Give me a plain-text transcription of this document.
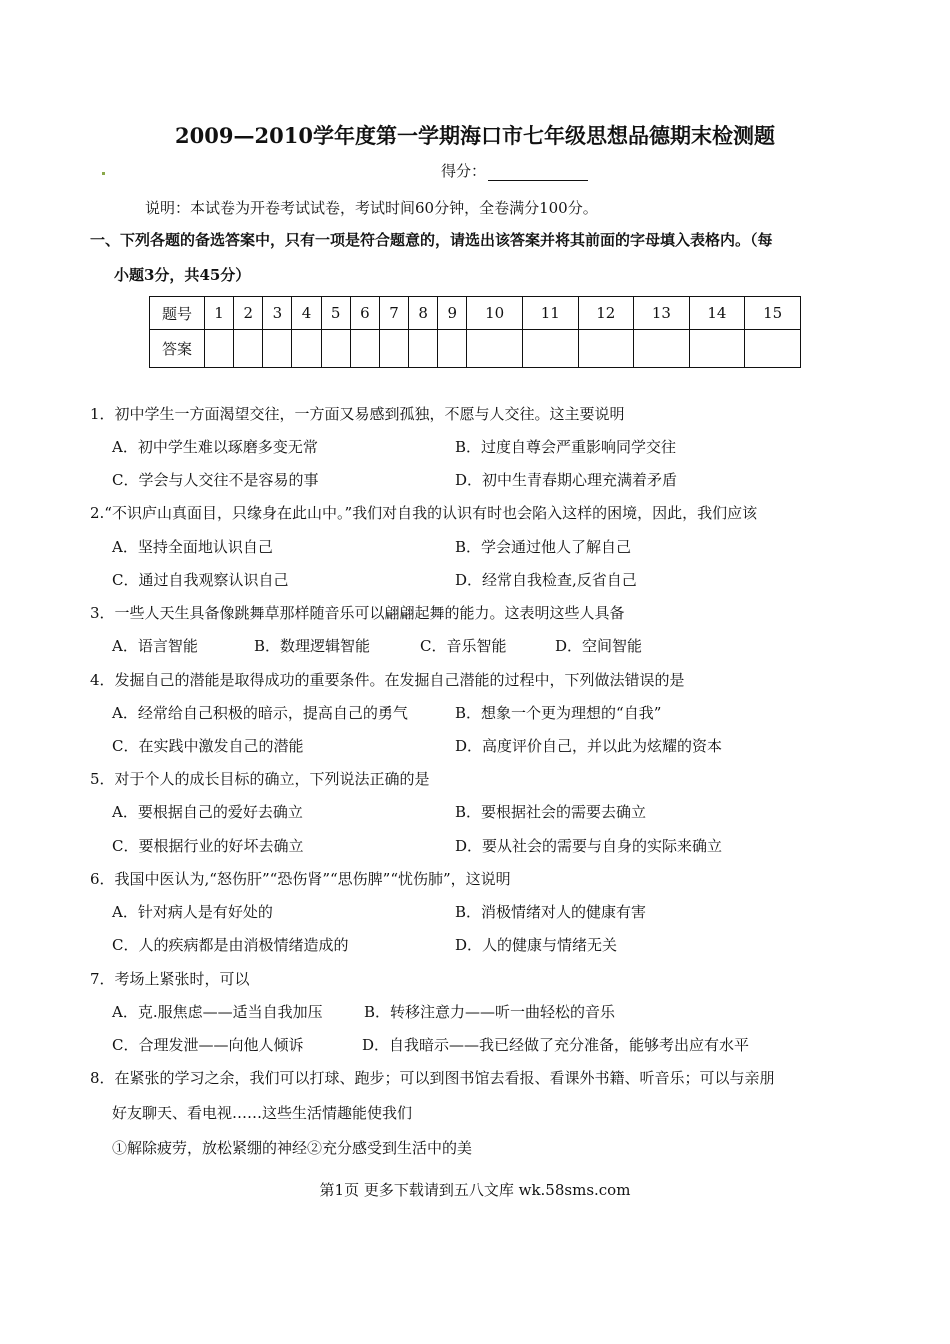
2009—2010学年度第一学期海口市七年级思想品德期末检测题
得分：
说明：本试卷为开卷考试试卷，考试时间60分钟，全卷满分100分。
一、下列各题的备选答案中，只有一项是符合题意的，请选出该答案并将其前面的字母填入表格内。（每
小题3分，共45分）
题号	1	2	3	4	5	6	7	8	9	10	11	12	13	14	15
答案															
1．初中学生一方面渴望交往，一方面又易感到孤独，不愿与人交往。这主要说明
A．初中学生难以琢磨多变无常	B．过度自尊会严重影响同学交往
C．学会与人交往不是容易的事	D．初中生青春期心理充满着矛盾
2.“不识庐山真面目，只缘身在此山中。”我们对自我的认识有时也会陷入这样的困境，因此，我们应该
A．坚持全面地认识自己	B．学会通过他人了解自己
C．通过自我观察认识自己	D．经常自我检查,反省自己
3．一些人天生具备像跳舞草那样随音乐可以翩翩起舞的能力。这表明这些人具备
A．语言智能	B．数理逻辑智能	C．音乐智能	D．空间智能
4．发掘自己的潜能是取得成功的重要条件。在发掘自己潜能的过程中，下列做法错误的是
A．经常给自己积极的暗示，提高自己的勇气	B．想象一个更为理想的“自我”
C．在实践中激发自己的潜能	D．高度评价自己，并以此为炫耀的资本
5．对于个人的成长目标的确立，下列说法正确的是
A．要根据自己的爱好去确立	B．要根据社会的需要去确立
C．要根据行业的好坏去确立	D．要从社会的需要与自身的实际来确立
6．我国中医认为,“怒伤肝”“恐伤肾”“思伤脾”“忧伤肺”，这说明
A．针对病人是有好处的	B．消极情绪对人的健康有害
C．人的疾病都是由消极情绪造成的	D．人的健康与情绪无关
7．考场上紧张时，可以
A．克.服焦虑——适当自我加压	B．转移注意力——听一曲轻松的音乐
C．合理发泄——向他人倾诉	D．自我暗示——我已经做了充分准备，能够考出应有水平
8．在紧张的学习之余，我们可以打球、跑步；可以到图书馆去看报、看课外书籍、听音乐；可以与亲朋
好友聊天、看电视……这些生活情趣能使我们
①解除疲劳，放松紧绷的神经②充分感受到生活中的美
第1页 更多下载请到五八文库 wk.58sms.com
